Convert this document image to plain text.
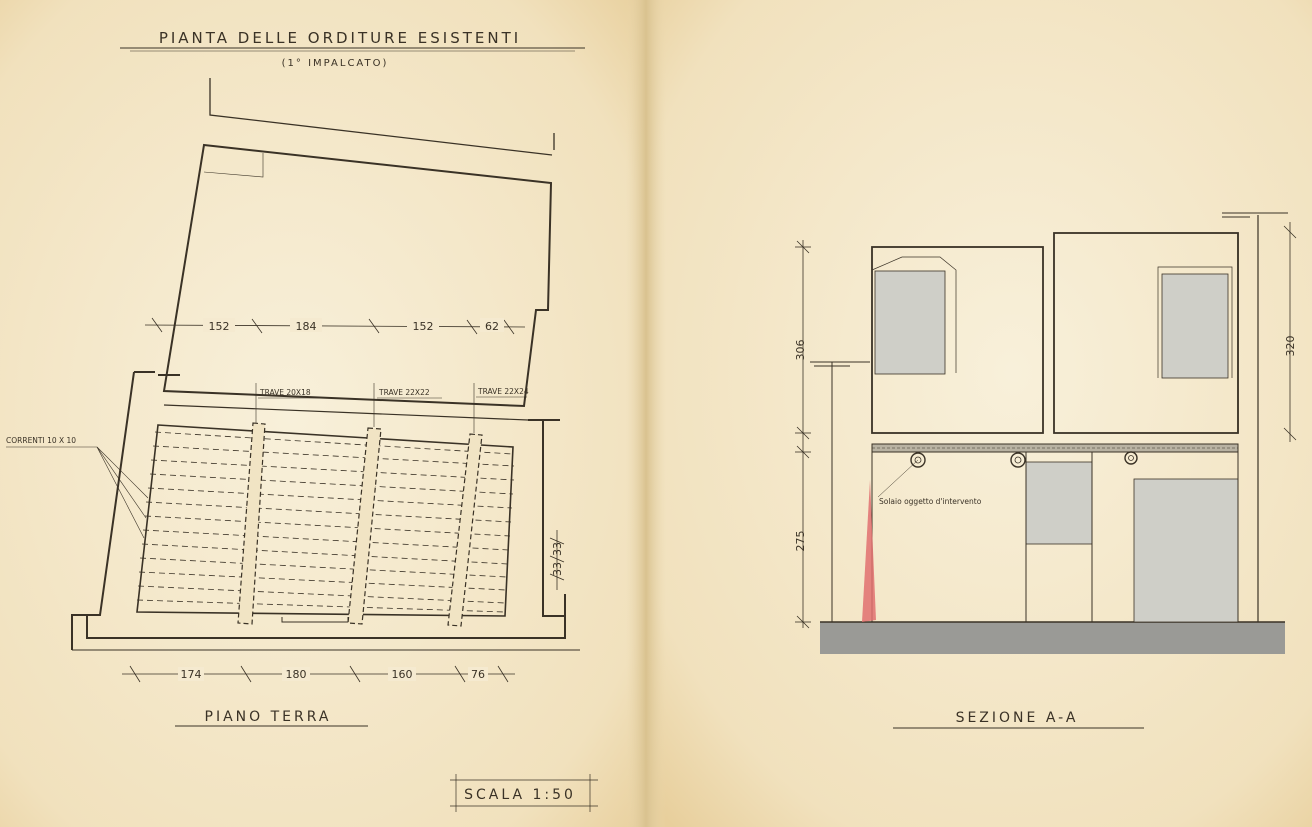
PIANTA DELLE ORDITURE ESISTENTI
(1° IMPALCATO)
152	184	152	62
TRAVE 20X18	TRAVE 22X22	TRAVE 22X24
CORRENTI 10 X 10
33
33
174	180	160	76
PIANO TERRA
SCALA 1:50
306
275
320
Solaio oggetto d'intervento
SEZIONE A-A
